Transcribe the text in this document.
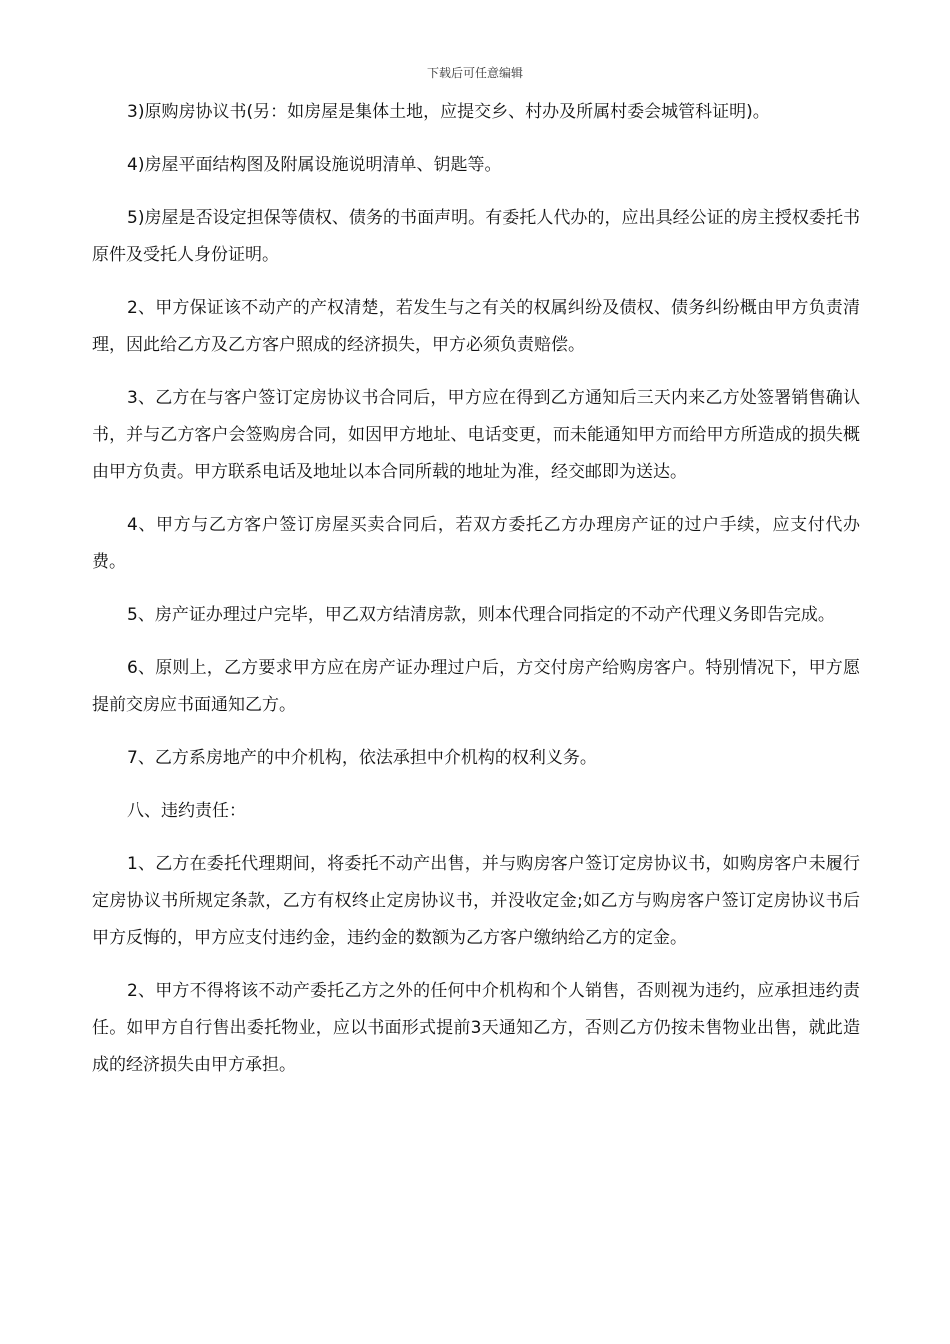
下载后可任意编辑

3)原购房协议书(另：如房屋是集体土地，应提交乡、村办及所属村委会城管科证明)。

4)房屋平面结构图及附属设施说明清单、钥匙等。

5)房屋是否设定担保等债权、债务的书面声明。有委托人代办的，应出具经公证的房主授权委托书原件及受托人身份证明。

2、甲方保证该不动产的产权清楚，若发生与之有关的权属纠纷及债权、债务纠纷概由甲方负责清理，因此给乙方及乙方客户照成的经济损失，甲方必须负责赔偿。

3、乙方在与客户签订定房协议书合同后，甲方应在得到乙方通知后三天内来乙方处签署销售确认书，并与乙方客户会签购房合同，如因甲方地址、电话变更，而未能通知甲方而给甲方所造成的损失概由甲方负责。甲方联系电话及地址以本合同所载的地址为准，经交邮即为送达。

4、甲方与乙方客户签订房屋买卖合同后，若双方委托乙方办理房产证的过户手续，应支付代办费。

5、房产证办理过户完毕，甲乙双方结清房款，则本代理合同指定的不动产代理义务即告完成。

6、原则上，乙方要求甲方应在房产证办理过户后，方交付房产给购房客户。特别情况下，甲方愿提前交房应书面通知乙方。

7、乙方系房地产的中介机构，依法承担中介机构的权利义务。

八、违约责任：

1、乙方在委托代理期间，将委托不动产出售，并与购房客户签订定房协议书，如购房客户未履行定房协议书所规定条款，乙方有权终止定房协议书，并没收定金;如乙方与购房客户签订定房协议书后甲方反悔的，甲方应支付违约金，违约金的数额为乙方客户缴纳给乙方的定金。

2、甲方不得将该不动产委托乙方之外的任何中介机构和个人销售，否则视为违约，应承担违约责任。如甲方自行售出委托物业，应以书面形式提前3天通知乙方，否则乙方仍按未售物业出售，就此造成的经济损失由甲方承担。
